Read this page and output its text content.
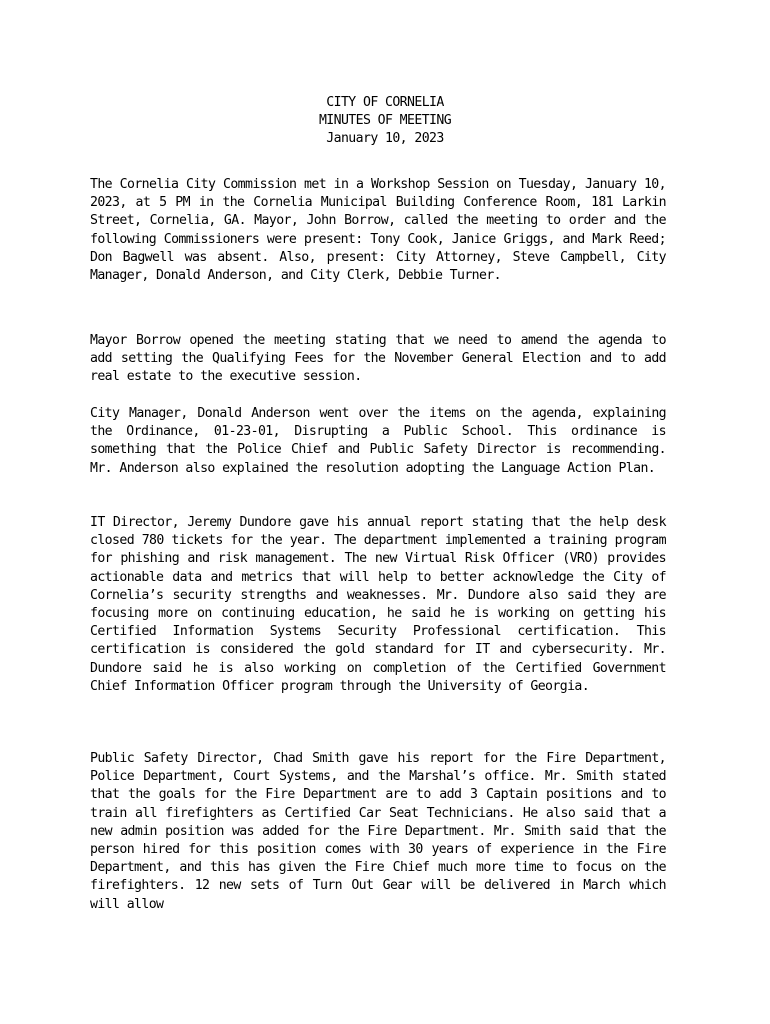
CITY OF CORNELIA
MINUTES OF MEETING
January 10, 2023

The Cornelia City Commission met in a Workshop Session on Tuesday, January 10, 2023, at 5 PM in the Cornelia Municipal Building Conference Room, 181 Larkin Street, Cornelia, GA. Mayor, John Borrow, called the meeting to order and the following Commissioners were present: Tony Cook, Janice Griggs, and Mark Reed; Don Bagwell was absent. Also, present: City Attorney, Steve Campbell, City Manager, Donald Anderson, and City Clerk, Debbie Turner.

Mayor Borrow opened the meeting stating that we need to amend the agenda to add setting the Qualifying Fees for the November General Election and to add real estate to the executive session.

City Manager, Donald Anderson went over the items on the agenda, explaining the Ordinance, 01-23-01, Disrupting a Public School. This ordinance is something that the Police Chief and Public Safety Director is recommending. Mr. Anderson also explained the resolution adopting the Language Action Plan.

IT Director, Jeremy Dundore gave his annual report stating that the help desk closed 780 tickets for the year. The department implemented a training program for phishing and risk management. The new Virtual Risk Officer (VRO) provides actionable data and metrics that will help to better acknowledge the City of Cornelia’s security strengths and weaknesses. Mr. Dundore also said they are focusing more on continuing education, he said he is working on getting his Certified Information Systems Security Professional certification. This certification is considered the gold standard for IT and cybersecurity. Mr. Dundore said he is also working on completion of the Certified Government Chief Information Officer program through the University of Georgia.

Public Safety Director, Chad Smith gave his report for the Fire Department, Police Department, Court Systems, and the Marshal’s office. Mr. Smith stated that the goals for the Fire Department are to add 3 Captain positions and to train all firefighters as Certified Car Seat Technicians. He also said that a new admin position was added for the Fire Department. Mr. Smith said that the person hired for this position comes with 30 years of experience in the Fire Department, and this has given the Fire Chief much more time to focus on the firefighters. 12 new sets of Turn Out Gear will be delivered in March which will allow
